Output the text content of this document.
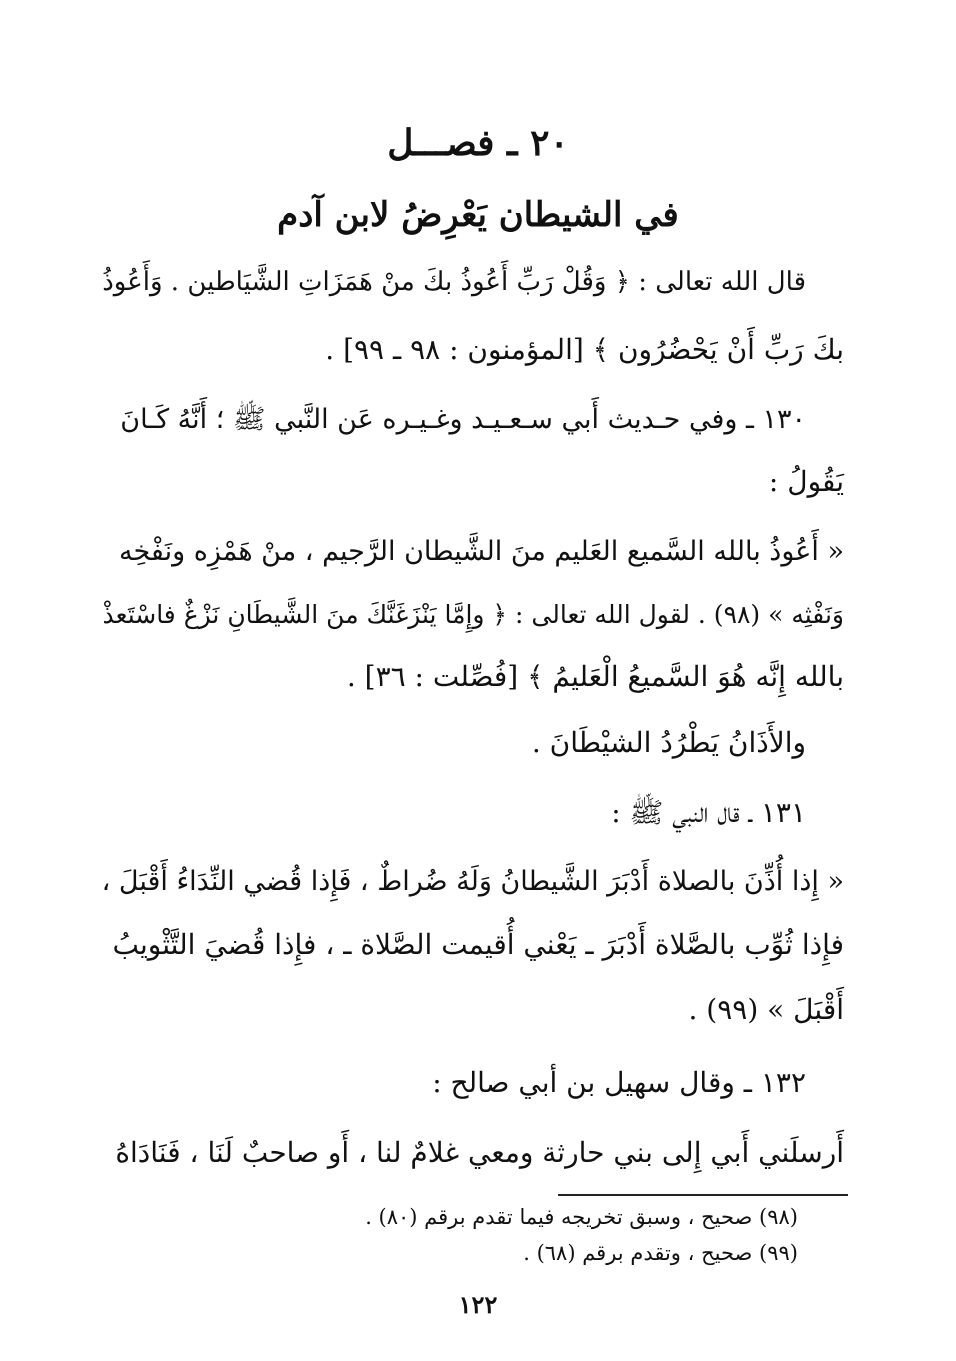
٢٠ ـ فصـــل
في الشيطان يَعْرِضُ لابن آدم
قال الله تعالى : ﴿ وَقُلْ رَبِّ أَعُوذُ بكَ منْ هَمَزَاتِ الشَّيَاطين . وَأَعُوذُ
بكَ رَبِّ أَنْ يَحْضُرُون ﴾ [المؤمنون : ٩٨ ـ ٩٩] .
١٣٠ ـ وفي حـديث أَبي سـعـيـد وغـيـره عَن النَّبي ﷺ ؛ أَنَّهُ كَـانَ
يَقُولُ :
« أَعُوذُ بالله السَّميع العَليم منَ الشَّيطان الرَّجيم ، منْ هَمْزِه ونَفْخِه
وَنَفْثِه » (٩٨) . لقول الله تعالى : ﴿ وإِمَّا يَنْزَغَنَّكَ منَ الشَّيطَانِ نَزْغٌ فاسْتَعذْ
بالله إِنَّه هُوَ السَّميعُ الْعَليمُ ﴾ [فُصِّلت : ٣٦] .
والأَذَانُ يَطْرُدُ الشيْطَانَ .
١٣١ ـ قال النبي ﷺ :
« إِذا أُذِّنَ بالصلاة أَدْبَرَ الشَّيطانُ وَلَهُ ضُراطٌ ، فَإِذا قُضي النِّدَاءُ أَقْبَلَ ،
فإِذا ثُوِّب بالصَّلاة أَدْبَرَ ـ يَعْني أُقيمت الصَّلاة ـ ، فإِذا قُضيَ التَّثْويبُ
أَقْبَلَ » (٩٩) .
١٣٢ ـ وقال سهيل بن أبي صالح :
أَرسلَني أَبي إِلى بني حارثة ومعي غلامٌ لنا ، أَو صاحبٌ لَنَا ، فَنَادَاهُ
(٩٨) صحيح ، وسبق تخريجه فيما تقدم برقم (٨٠) .
(٩٩) صحيح ، وتقدم برقم (٦٨) .
١٢٢
